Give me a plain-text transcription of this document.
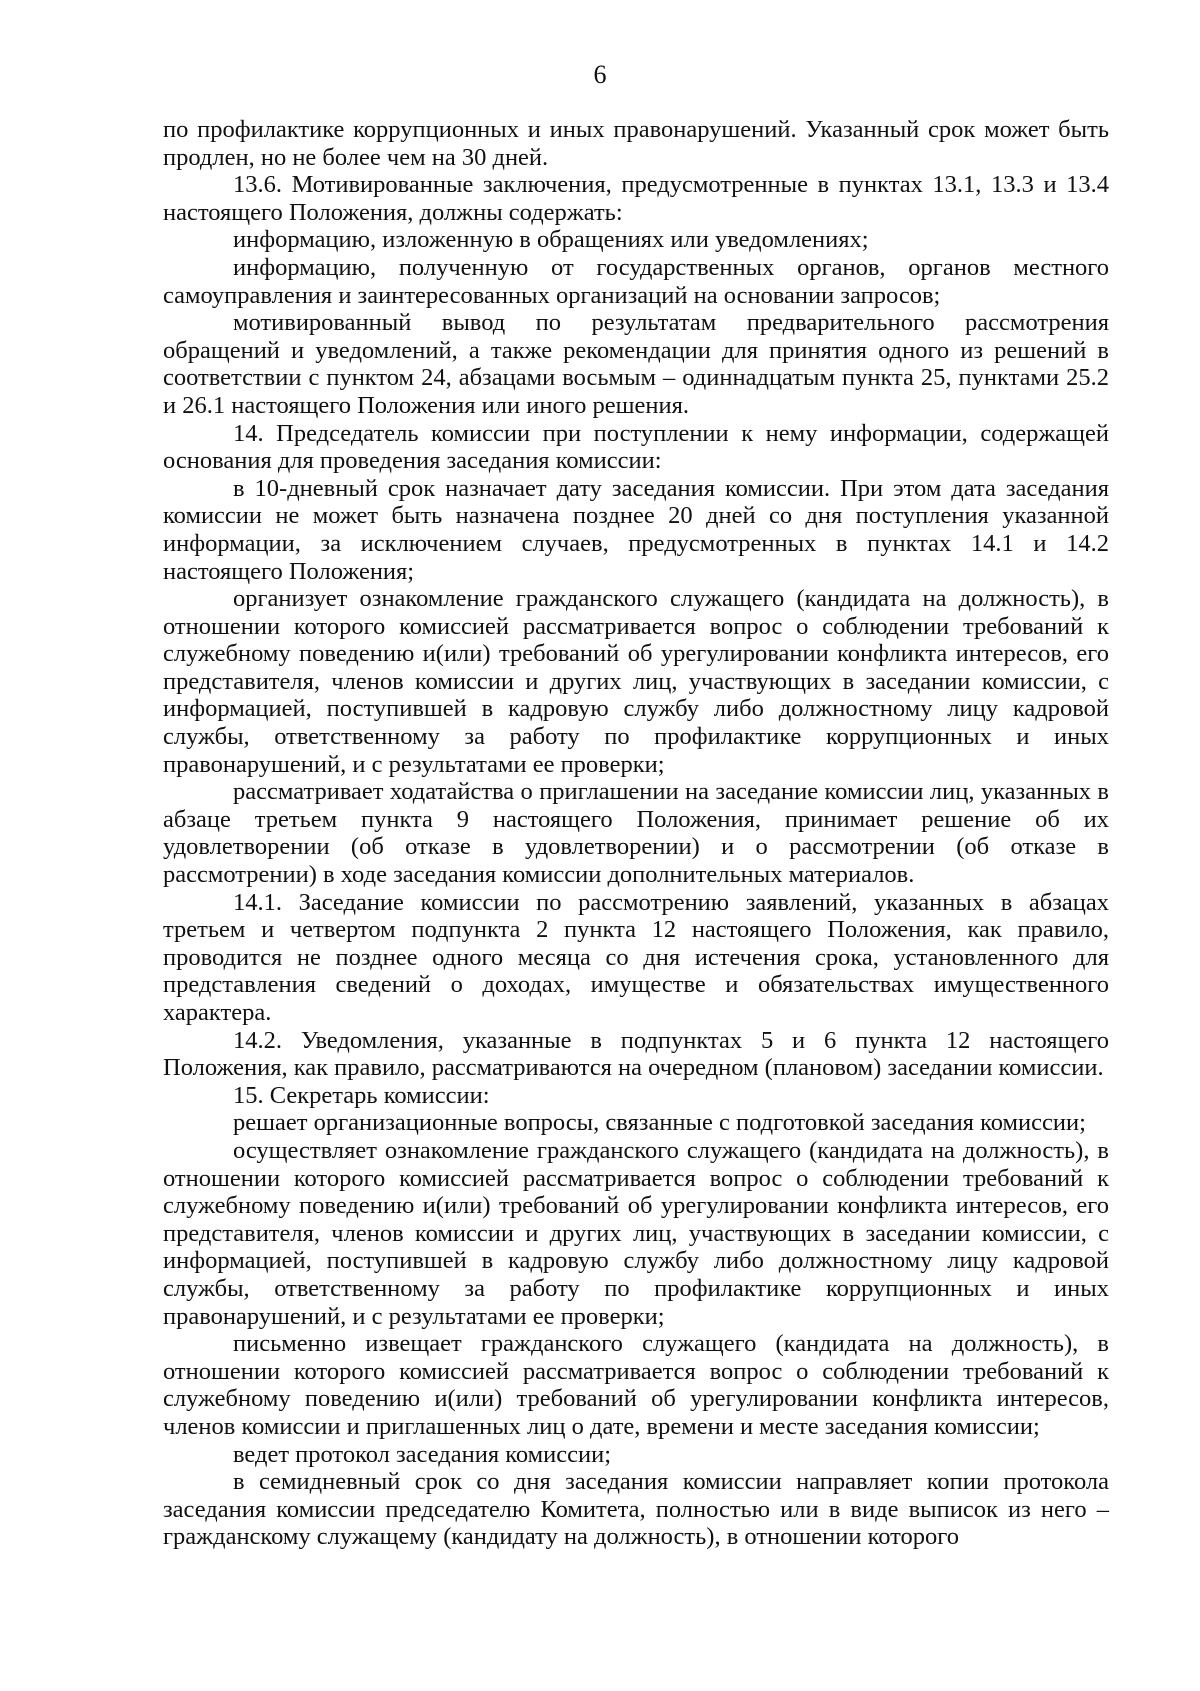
6

по профилактике коррупционных и иных правонарушений. Указанный срок может быть продлен, но не более чем на 30 дней.

13.6. Мотивированные заключения, предусмотренные в пунктах 13.1, 13.3 и 13.4 настоящего Положения, должны содержать:

информацию, изложенную в обращениях или уведомлениях;

информацию, полученную от государственных органов, органов местного самоуправления и заинтересованных организаций на основании запросов;

мотивированный вывод по результатам предварительного рассмотрения обращений и уведомлений, а также рекомендации для принятия одного из решений в соответствии с пунктом 24, абзацами восьмым – одиннадцатым пункта 25, пунктами 25.2 и 26.1 настоящего Положения или иного решения.

14. Председатель комиссии при поступлении к нему информации, содержащей основания для проведения заседания комиссии:

в 10-дневный срок назначает дату заседания комиссии. При этом дата заседания комиссии не может быть назначена позднее 20 дней со дня поступления указанной информации, за исключением случаев, предусмотренных в пунктах 14.1 и 14.2 настоящего Положения;

организует ознакомление гражданского служащего (кандидата на должность), в отношении которого комиссией рассматривается вопрос о соблюдении требований к служебному поведению и(или) требований об урегулировании конфликта интересов, его представителя, членов комиссии и других лиц, участвующих в заседании комиссии, с информацией, поступившей в кадровую службу либо должностному лицу кадровой службы, ответственному за работу по профилактике коррупционных и иных правонарушений, и с результатами ее проверки;

рассматривает ходатайства о приглашении на заседание комиссии лиц, указанных в абзаце третьем пункта 9 настоящего Положения, принимает решение об их удовлетворении (об отказе в удовлетворении) и о рассмотрении (об отказе в рассмотрении) в ходе заседания комиссии дополнительных материалов.

14.1. Заседание комиссии по рассмотрению заявлений, указанных в абзацах третьем и четвертом подпункта 2 пункта 12 настоящего Положения, как правило, проводится не позднее одного месяца со дня истечения срока, установленного для представления сведений о доходах, имуществе и обязательствах имущественного характера.

14.2. Уведомления, указанные в подпунктах 5 и 6 пункта 12 настоящего Положения, как правило, рассматриваются на очередном (плановом) заседании комиссии.

15. Секретарь комиссии:

решает организационные вопросы, связанные с подготовкой заседания комиссии;

осуществляет ознакомление гражданского служащего (кандидата на должность), в отношении которого комиссией рассматривается вопрос о соблюдении требований к служебному поведению и(или) требований об урегулировании конфликта интересов, его представителя, членов комиссии и других лиц, участвующих в заседании комиссии, с информацией, поступившей в кадровую службу либо должностному лицу кадровой службы, ответственному за работу по профилактике коррупционных и иных правонарушений, и с результатами ее проверки;

письменно извещает гражданского служащего (кандидата на должность), в отношении которого комиссией рассматривается вопрос о соблюдении требований к служебному поведению и(или) требований об урегулировании конфликта интересов, членов комиссии и приглашенных лиц о дате, времени и месте заседания комиссии;

ведет протокол заседания комиссии;

в семидневный срок со дня заседания комиссии направляет копии протокола заседания комиссии председателю Комитета, полностью или в виде выписок из него – гражданскому служащему (кандидату на должность), в отношении которого
